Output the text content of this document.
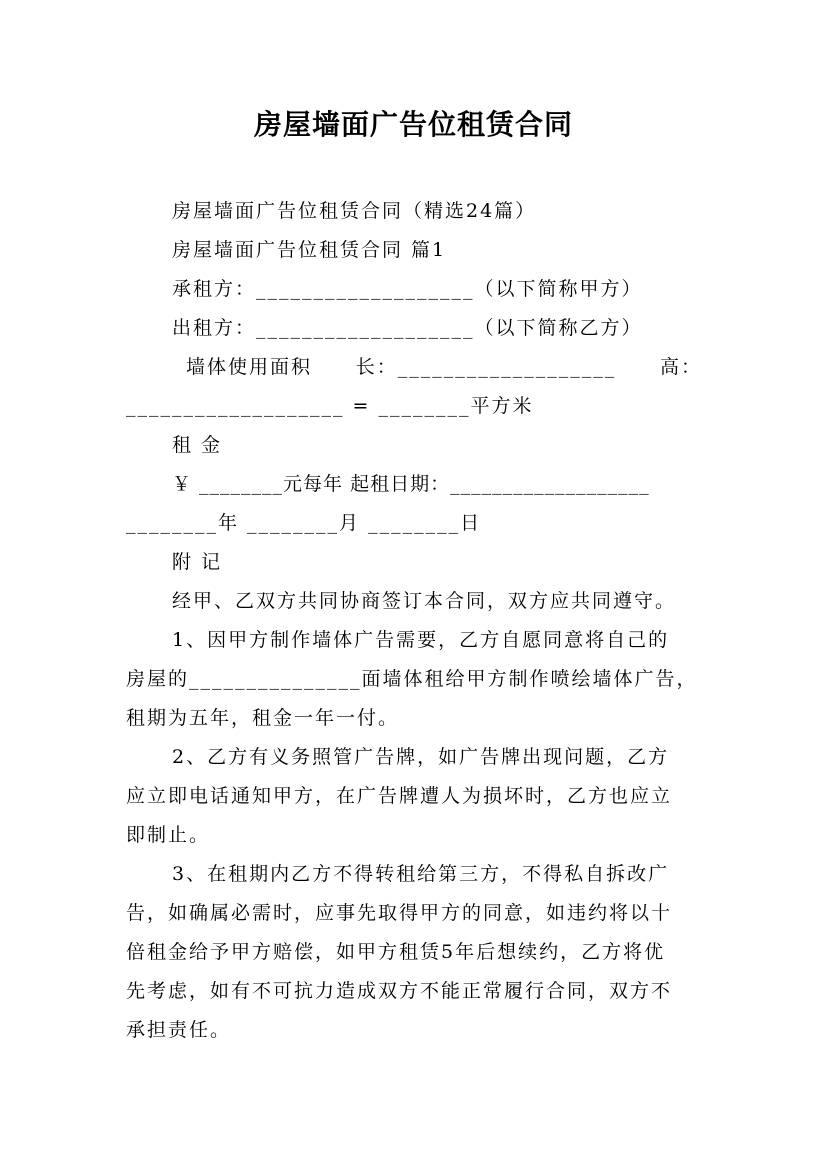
房屋墙面广告位租赁合同
房屋墙面广告位租赁合同（精选24篇）
房屋墙面广告位租赁合同 篇1
承租方：___________________（以下简称甲方）
出租方：___________________（以下简称乙方）
墙体使用面积 长：___________________ 高：
___________________ = ________平方米
租 金
￥ ________元每年 起租日期：___________________
________年 ________月 ________日
附 记
经甲、乙双方共同协商签订本合同，双方应共同遵守。
1、因甲方制作墙体广告需要，乙方自愿同意将自己的
房屋的_______________面墙体租给甲方制作喷绘墙体广告，
租期为五年，租金一年一付。
2、乙方有义务照管广告牌，如广告牌出现问题，乙方
应立即电话通知甲方，在广告牌遭人为损坏时，乙方也应立
即制止。
3、在租期内乙方不得转租给第三方，不得私自拆改广
告，如确属必需时，应事先取得甲方的同意，如违约将以十
倍租金给予甲方赔偿，如甲方租赁5年后想续约，乙方将优
先考虑，如有不可抗力造成双方不能正常履行合同，双方不
承担责任。
